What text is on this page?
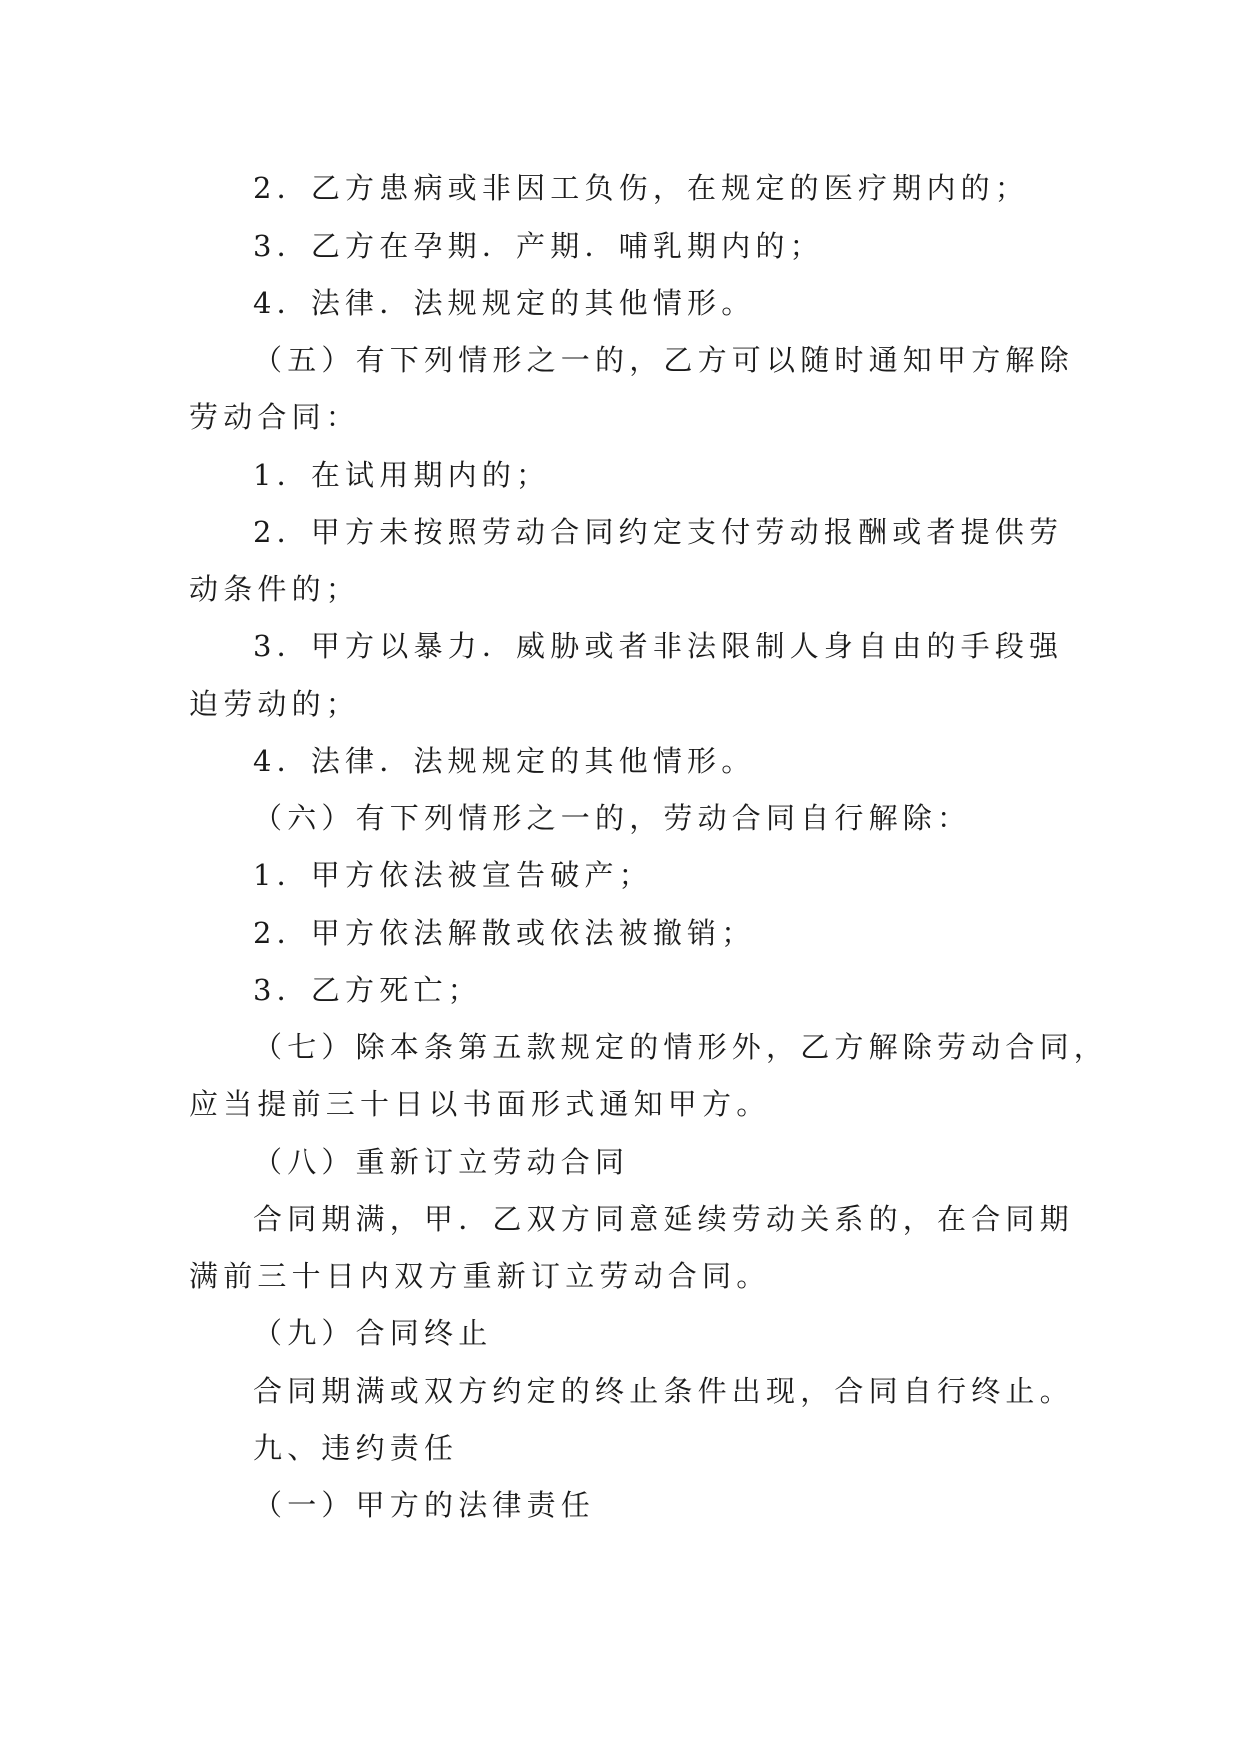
2．乙方患病或非因工负伤，在规定的医疗期内的；
3．乙方在孕期．产期．哺乳期内的；
4．法律．法规规定的其他情形。
（五）有下列情形之一的，乙方可以随时通知甲方解除
劳动合同：
1．在试用期内的；
2．甲方未按照劳动合同约定支付劳动报酬或者提供劳
动条件的；
3．甲方以暴力．威胁或者非法限制人身自由的手段强
迫劳动的；
4．法律．法规规定的其他情形。
（六）有下列情形之一的，劳动合同自行解除：
1．甲方依法被宣告破产；
2．甲方依法解散或依法被撤销；
3．乙方死亡；
（七）除本条第五款规定的情形外，乙方解除劳动合同，
应当提前三十日以书面形式通知甲方。
（八）重新订立劳动合同
合同期满，甲．乙双方同意延续劳动关系的，在合同期
满前三十日内双方重新订立劳动合同。
（九）合同终止
合同期满或双方约定的终止条件出现，合同自行终止。
九、违约责任
（一）甲方的法律责任
